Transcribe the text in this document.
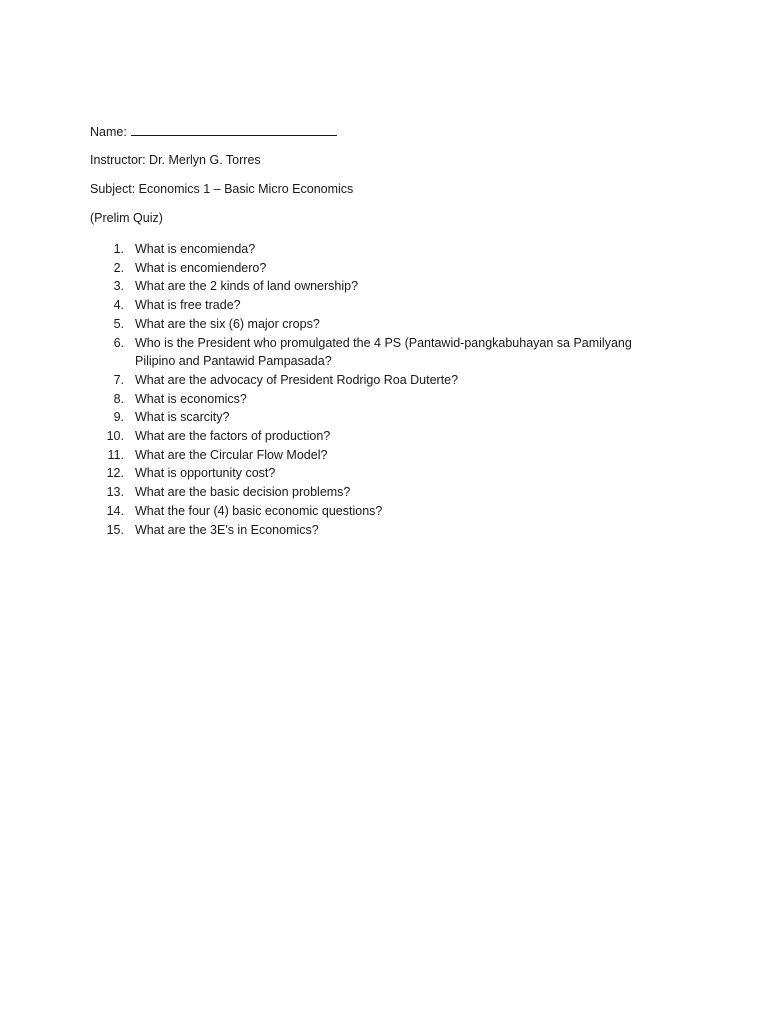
Name:

Instructor: Dr. Merlyn G. Torres

Subject: Economics 1 – Basic Micro Economics

(Prelim Quiz)

1. What is encomienda?
2. What is encomiendero?
3. What are the 2 kinds of land ownership?
4. What is free trade?
5. What are the six (6) major crops?
6. Who is the President who promulgated the 4 PS (Pantawid-pangkabuhayan sa Pamilyang Pilipino and Pantawid Pampasada?
7. What are the advocacy of President Rodrigo Roa Duterte?
8. What is economics?
9. What is scarcity?
10. What are the factors of production?
11. What are the Circular Flow Model?
12. What is opportunity cost?
13. What are the basic decision problems?
14. What the four (4) basic economic questions?
15. What are the 3E's in Economics?
